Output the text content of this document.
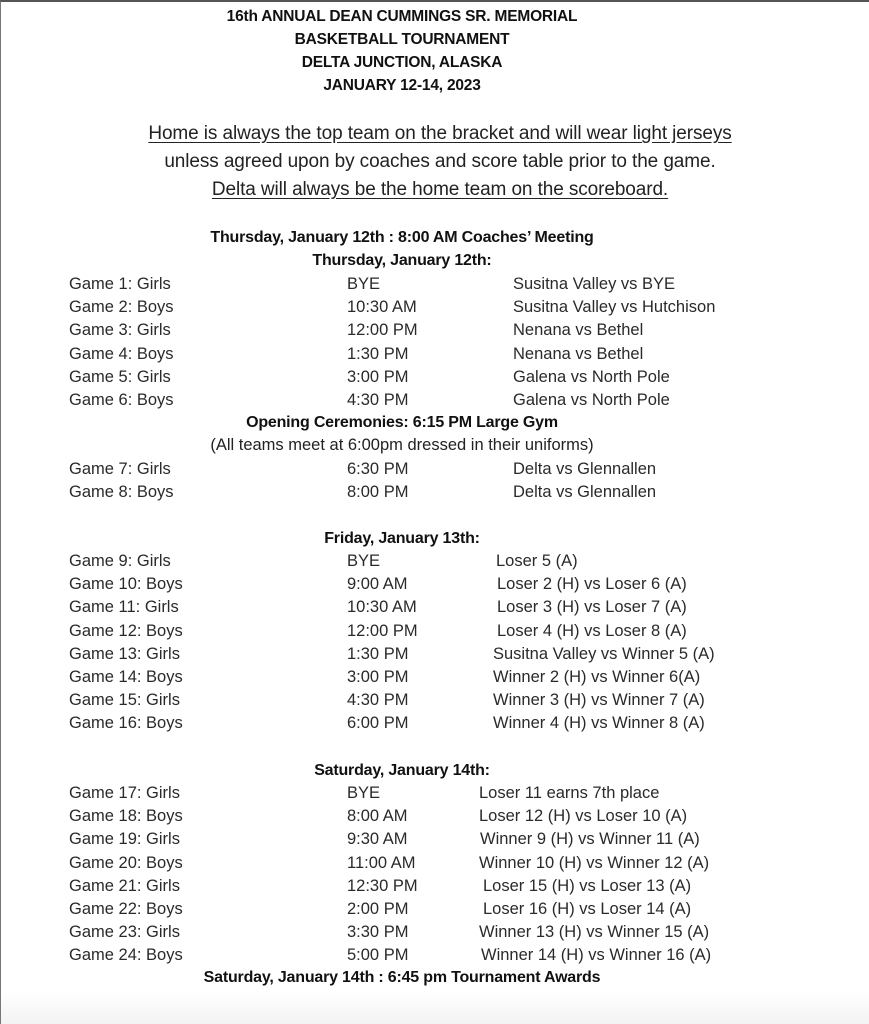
16th ANNUAL DEAN CUMMINGS SR. MEMORIAL
BASKETBALL TOURNAMENT
DELTA JUNCTION, ALASKA
JANUARY 12-14, 2023
Home is always the top team on the bracket and will wear light jerseys
unless agreed upon by coaches and score table prior to the game.
Delta will always be the home team on the scoreboard.
Thursday, January 12th : 8:00 AM Coaches’ Meeting
Thursday, January 12th:
Game 1: Girls	BYE	Susitna Valley vs BYE
Game 2: Boys	10:30 AM	Susitna Valley vs Hutchison
Game 3: Girls	12:00 PM	Nenana vs Bethel
Game 4: Boys	1:30 PM	Nenana vs Bethel
Game 5: Girls	3:00 PM	Galena vs North Pole
Game 6: Boys	4:30 PM	Galena vs North Pole
Opening Ceremonies: 6:15 PM Large Gym
(All teams meet at 6:00pm dressed in their uniforms)
Game 7: Girls	6:30 PM	Delta vs Glennallen
Game 8: Boys	8:00 PM	Delta vs Glennallen
Friday, January 13th:
Game 9: Girls	BYE	Loser 5 (A)
Game 10: Boys	9:00 AM	Loser 2 (H) vs Loser 6 (A)
Game 11: Girls	10:30 AM	Loser 3 (H) vs Loser 7 (A)
Game 12: Boys	12:00 PM	Loser 4 (H) vs Loser 8 (A)
Game 13: Girls	1:30 PM	Susitna Valley vs Winner 5 (A)
Game 14: Boys	3:00 PM	Winner 2 (H) vs Winner 6(A)
Game 15: Girls	4:30 PM	Winner 3 (H) vs Winner 7 (A)
Game 16: Boys	6:00 PM	Winner 4 (H) vs Winner 8 (A)
Saturday, January 14th:
Game 17: Girls	BYE	Loser 11 earns 7th place
Game 18: Boys	8:00 AM	Loser 12 (H) vs Loser 10 (A)
Game 19: Girls	9:30 AM	Winner 9 (H) vs Winner 11 (A)
Game 20: Boys	11:00 AM	Winner 10 (H) vs Winner 12 (A)
Game 21: Girls	12:30 PM	Loser 15 (H) vs Loser 13 (A)
Game 22: Boys	2:00 PM	Loser 16 (H) vs Loser 14 (A)
Game 23: Girls	3:30 PM	Winner 13 (H) vs Winner 15 (A)
Game 24: Boys	5:00 PM	Winner 14 (H) vs Winner 16 (A)
Saturday, January 14th : 6:45 pm Tournament Awards
